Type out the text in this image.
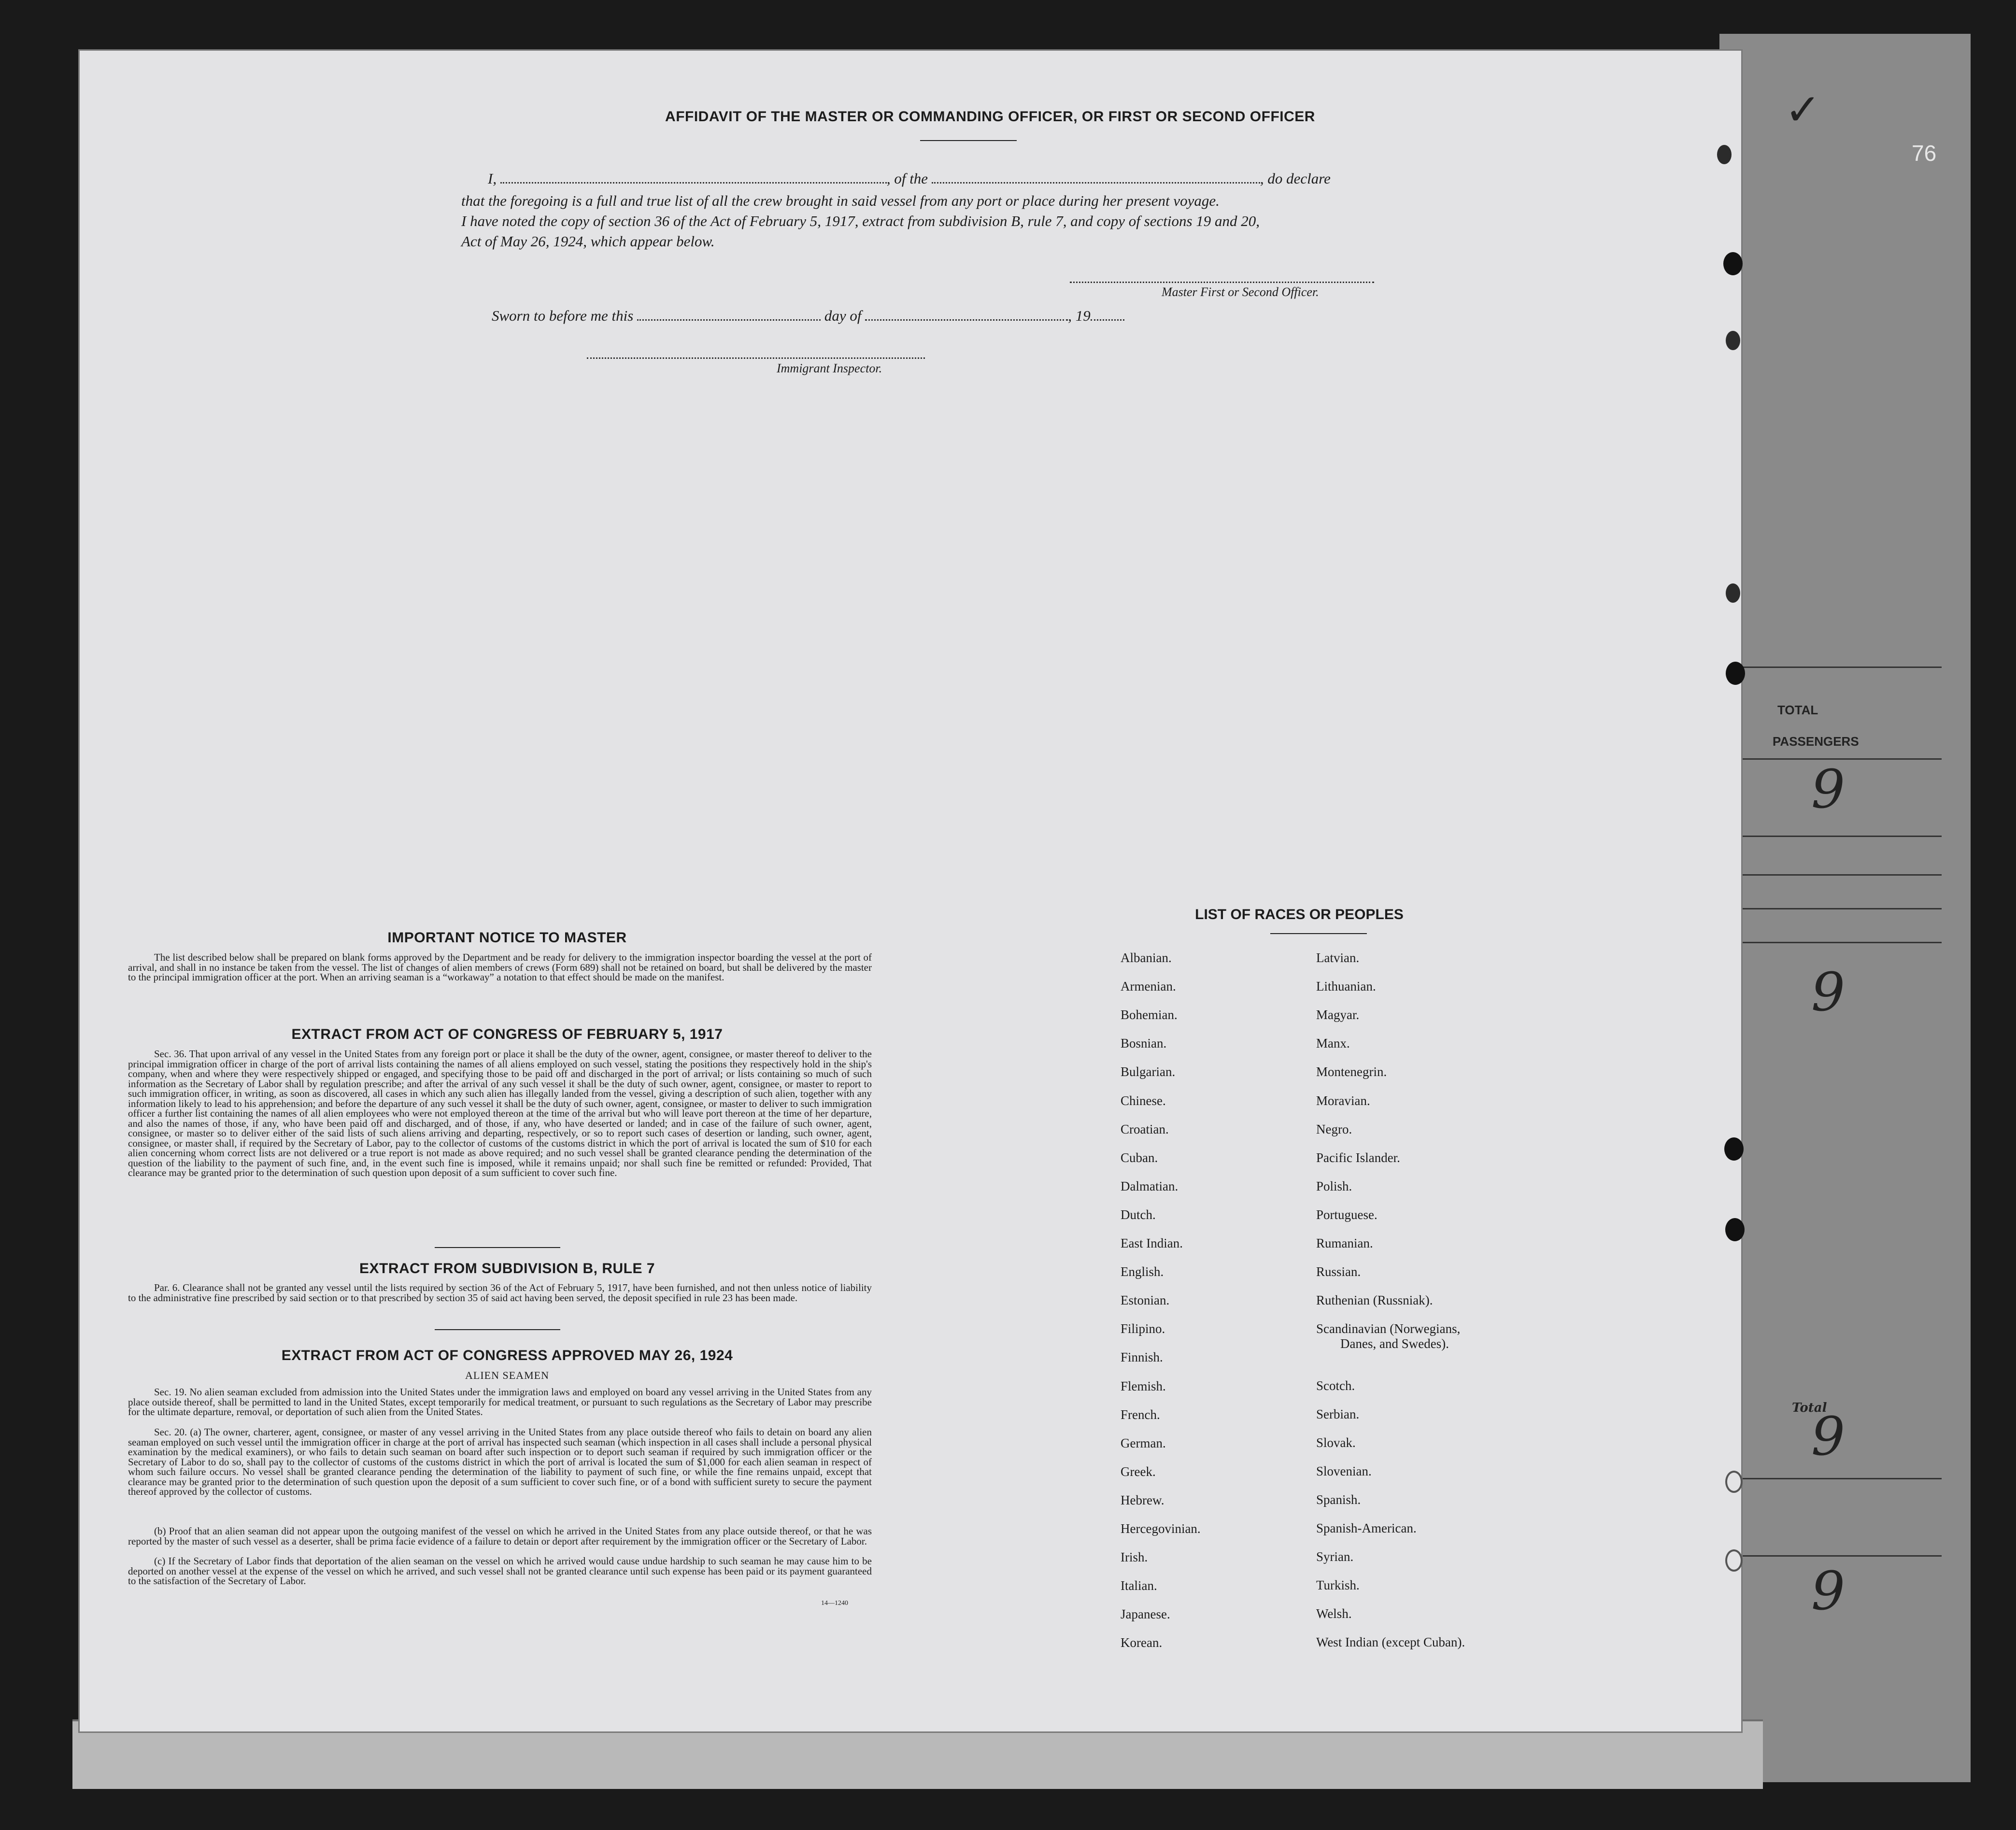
TOTAL
PASSENGERS
9
9
Total
9
9
76
✓
AFFIDAVIT OF THE MASTER OR COMMANDING OFFICER, OR FIRST OR SECOND OFFICER
I,	, of the	, do declare
that the foregoing is a full and true list of all the crew brought in said vessel from any port or place during her present voyage.
I have noted the copy of section 36 of the Act of February 5, 1917, extract from subdivision B, rule 7, and copy of sections 19 and 20,
Act of May 26, 1924, which appear below.
Master First or Second Officer.
Sworn to before me this	day of	, 19
Immigrant Inspector.
IMPORTANT NOTICE TO MASTER
The list described below shall be prepared on blank forms approved by the Department and be ready for delivery to the immigration inspector boarding the vessel at the port of arrival, and shall in no instance be taken from the vessel. The list of changes of alien members of crews (Form 689) shall not be retained on board, but shall be delivered by the master to the principal immigration officer at the port. When an arriving seaman is a “workaway” a notation to that effect should be made on the manifest.
EXTRACT FROM ACT OF CONGRESS OF FEBRUARY 5, 1917
Sec. 36. That upon arrival of any vessel in the United States from any foreign port or place it shall be the duty of the owner, agent, consignee, or master thereof to deliver to the principal immigration officer in charge of the port of arrival lists containing the names of all aliens employed on such vessel, stating the positions they respectively hold in the ship's company, when and where they were respectively shipped or engaged, and specifying those to be paid off and discharged in the port of arrival; or lists containing so much of such information as the Secretary of Labor shall by regulation prescribe; and after the arrival of any such vessel it shall be the duty of such owner, agent, consignee, or master to report to such immigration officer, in writing, as soon as discovered, all cases in which any such alien has illegally landed from the vessel, giving a description of such alien, together with any information likely to lead to his apprehension; and before the departure of any such vessel it shall be the duty of such owner, agent, consignee, or master to deliver to such immigration officer a further list containing the names of all alien employees who were not employed thereon at the time of the arrival but who will leave port thereon at the time of her departure, and also the names of those, if any, who have been paid off and discharged, and of those, if any, who have deserted or landed; and in case of the failure of such owner, agent, consignee, or master so to deliver either of the said lists of such aliens arriving and departing, respectively, or so to report such cases of desertion or landing, such owner, agent, consignee, or master shall, if required by the Secretary of Labor, pay to the collector of customs of the customs district in which the port of arrival is located the sum of $10 for each alien concerning whom correct lists are not delivered or a true report is not made as above required; and no such vessel shall be granted clearance pending the determination of the question of the liability to the payment of such fine, and, in the event such fine is imposed, while it remains unpaid; nor shall such fine be remitted or refunded: Provided, That clearance may be granted prior to the determination of such question upon deposit of a sum sufficient to cover such fine.
EXTRACT FROM SUBDIVISION B, RULE 7
Par. 6. Clearance shall not be granted any vessel until the lists required by section 36 of the Act of February 5, 1917, have been furnished, and not then unless notice of liability to the administrative fine prescribed by said section or to that prescribed by section 35 of said act having been served, the deposit specified in rule 23 has been made.
EXTRACT FROM ACT OF CONGRESS APPROVED MAY 26, 1924
ALIEN SEAMEN
Sec. 19. No alien seaman excluded from admission into the United States under the immigration laws and employed on board any vessel arriving in the United States from any place outside thereof, shall be permitted to land in the United States, except temporarily for medical treatment, or pursuant to such regulations as the Secretary of Labor may prescribe for the ultimate departure, removal, or deportation of such alien from the United States.
Sec. 20. (a) The owner, charterer, agent, consignee, or master of any vessel arriving in the United States from any place outside thereof who fails to detain on board any alien seaman employed on such vessel until the immigration officer in charge at the port of arrival has inspected such seaman (which inspection in all cases shall include a personal physical examination by the medical examiners), or who fails to detain such seaman on board after such inspection or to deport such seaman if required by such immigration officer or the Secretary of Labor to do so, shall pay to the collector of customs of the customs district in which the port of arrival is located the sum of $1,000 for each alien seaman in respect of whom such failure occurs. No vessel shall be granted clearance pending the determination of the liability to payment of such fine, or while the fine remains unpaid, except that clearance may be granted prior to the determination of such question upon the deposit of a sum sufficient to cover such fine, or of a bond with sufficient surety to secure the payment thereof approved by the collector of customs.
(b) Proof that an alien seaman did not appear upon the outgoing manifest of the vessel on which he arrived in the United States from any place outside thereof, or that he was reported by the master of such vessel as a deserter, shall be prima facie evidence of a failure to detain or deport after requirement by the immigration officer or the Secretary of Labor.
(c) If the Secretary of Labor finds that deportation of the alien seaman on the vessel on which he arrived would cause undue hardship to such seaman he may cause him to be deported on another vessel at the expense of the vessel on which he arrived, and such vessel shall not be granted clearance until such expense has been paid or its payment guaranteed to the satisfaction of the Secretary of Labor.
14—1240
LIST OF RACES OR PEOPLES
Albanian.
Armenian.
Bohemian.
Bosnian.
Bulgarian.
Chinese.
Croatian.
Cuban.
Dalmatian.
Dutch.
East Indian.
English.
Estonian.
Filipino.
Finnish.
Flemish.
French.
German.
Greek.
Hebrew.
Hercegovinian.
Irish.
Italian.
Japanese.
Korean.
Latvian.
Lithuanian.
Magyar.
Manx.
Montenegrin.
Moravian.
Negro.
Pacific Islander.
Polish.
Portuguese.
Rumanian.
Russian.
Ruthenian (Russniak).
Scandinavian (Norwegians,
Danes, and Swedes).
Scotch.
Serbian.
Slovak.
Slovenian.
Spanish.
Spanish-American.
Syrian.
Turkish.
Welsh.
West Indian (except Cuban).
